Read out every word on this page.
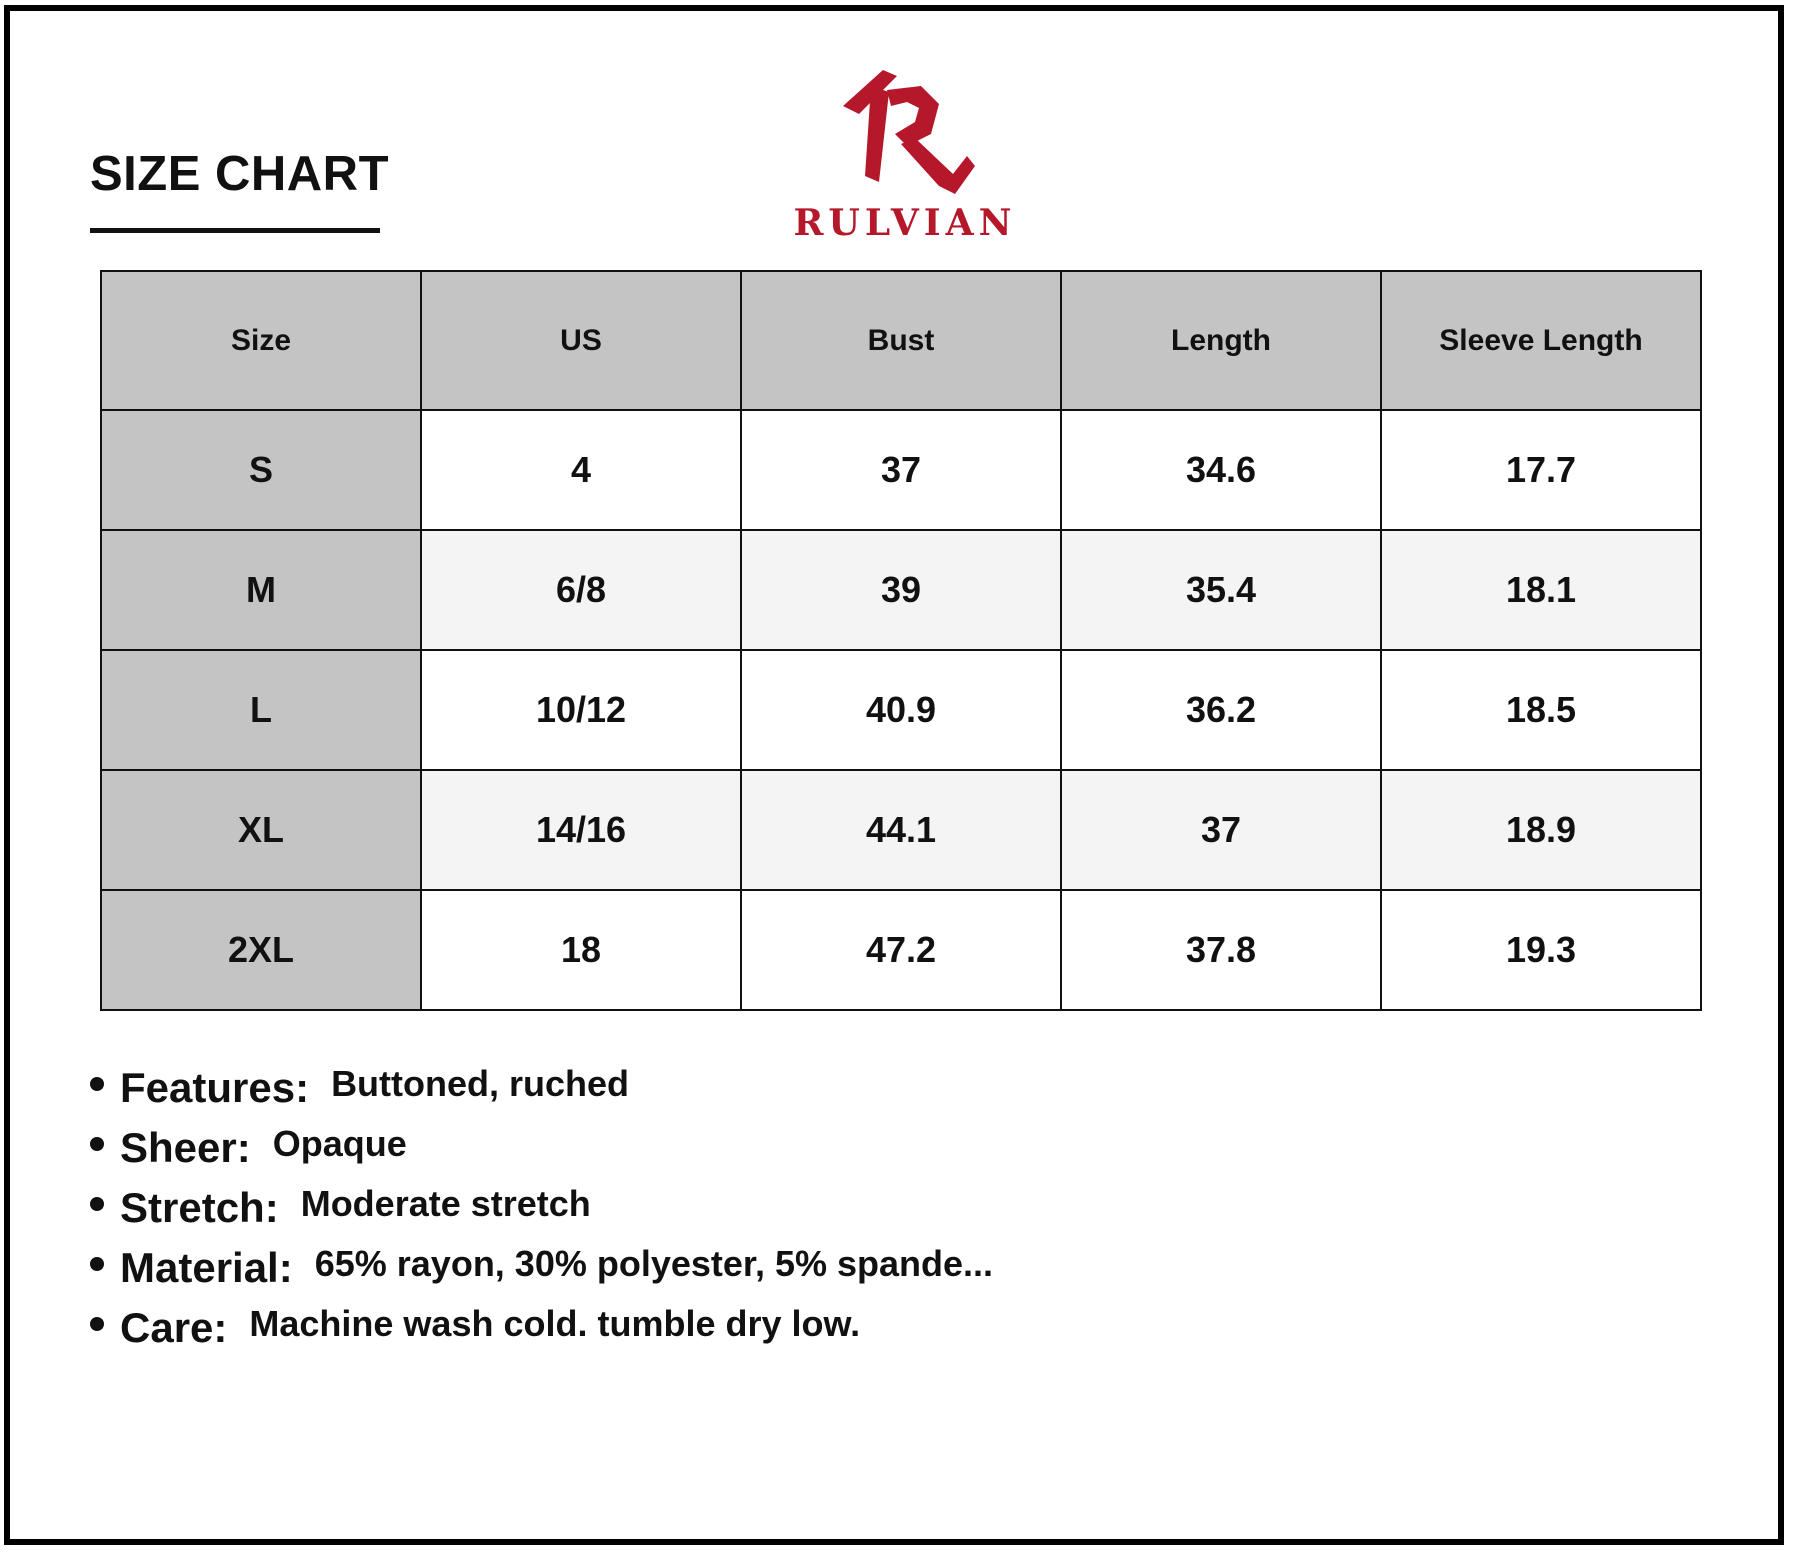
SIZE CHART
RULVIAN
Size	US	Bust	Length	Sleeve Length
S	4	37	34.6	17.7
M	6/8	39	35.4	18.1
L	10/12	40.9	36.2	18.5
XL	14/16	44.1	37	18.9
2XL	18	47.2	37.8	19.3
Features: Buttoned, ruched
Sheer: Opaque
Stretch: Moderate stretch
Material: 65% rayon, 30% polyester, 5% spande...
Care: Machine wash cold. tumble dry low.
